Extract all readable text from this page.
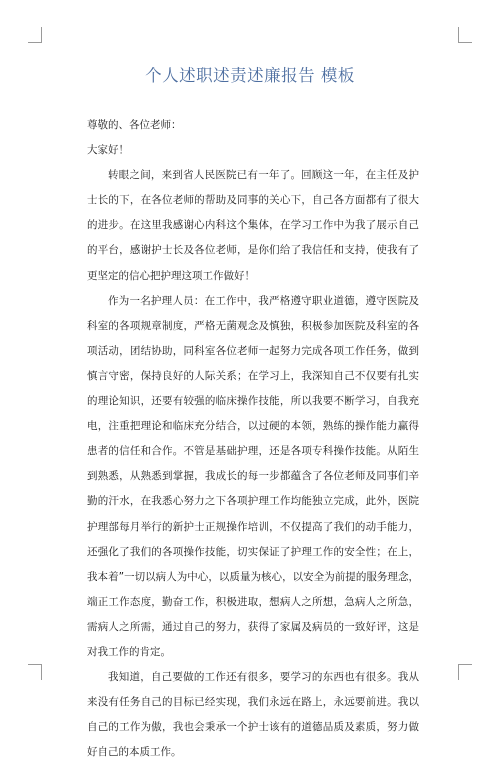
个人述职述责述廉报告 模板

尊敬的、各位老师：

大家好！

转眼之间，来到省人民医院已有一年了。回顾这一年，在主任及护士长的下，在各位老师的帮助及同事的关心下，自己各方面都有了很大的进步。在这里我感谢心内科这个集体，在学习工作中为我了展示自己的平台，感谢护士长及各位老师，是你们给了我信任和支持，使我有了更坚定的信心把护理这项工作做好！

作为一名护理人员：在工作中，我严格遵守职业道德，遵守医院及科室的各项规章制度，严格无菌观念及慎独，积极参加医院及科室的各项活动，团结协助，同科室各位老师一起努力完成各项工作任务，做到慎言守密，保持良好的人际关系；在学习上，我深知自己不仅要有扎实的理论知识，还要有较强的临床操作技能，所以我要不断学习，自我充电，注重把理论和临床充分结合，以过硬的本领，熟练的操作能力赢得患者的信任和合作。不管是基础护理，还是各项专科操作技能。从陌生到熟悉，从熟悉到掌握，我成长的每一步都蕴含了各位老师及同事们辛勤的汗水，在我悉心努力之下各项护理工作均能独立完成，此外，医院护理部每月举行的新护士正规操作培训，不仅提高了我们的动手能力，还强化了我们的各项操作技能，切实保证了护理工作的安全性；在上，我本着”一切以病人为中心，以质量为核心，以安全为前提的服务理念，端正工作态度，勤奋工作，积极进取，想病人之所想，急病人之所急，需病人之所需，通过自己的努力，获得了家属及病员的一致好评，这是对我工作的肯定。

我知道，自己要做的工作还有很多，要学习的东西也有很多。我从来没有任务自己的目标已经实现，我们永远在路上，永远要前进。我以自己的工作为傲，我也会秉承一个护士该有的道德品质及素质，努力做好自己的本质工作。
